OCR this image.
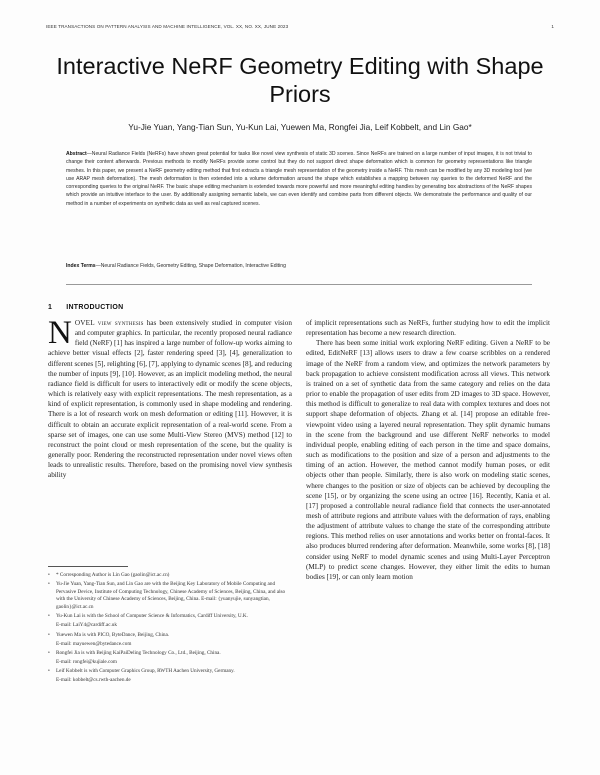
IEEE TRANSACTIONS ON PATTERN ANALYSIS AND MACHINE INTELLIGENCE, VOL. XX, NO. XX, JUNE 2023	1
Interactive NeRF Geometry Editing with Shape Priors
Yu-Jie Yuan, Yang-Tian Sun, Yu-Kun Lai, Yuewen Ma, Rongfei Jia, Leif Kobbelt, and Lin Gao*
Abstract—Neural Radiance Fields (NeRFs) have shown great potential for tasks like novel view synthesis of static 3D scenes. Since NeRFs are trained on a large number of input images, it is not trivial to change their content afterwards. Previous methods to modify NeRFs provide some control but they do not support direct shape deformation which is common for geometry representations like triangle meshes. In this paper, we present a NeRF geometry editing method that first extracts a triangle mesh representation of the geometry inside a NeRF. This mesh can be modified by any 3D modeling tool (we use ARAP mesh deformation). The mesh deformation is then extended into a volume deformation around the shape which establishes a mapping between ray queries to the deformed NeRF and the corresponding queries to the original NeRF. The basic shape editing mechanism is extended towards more powerful and more meaningful editing handles by generating box abstractions of the NeRF shapes which provide an intuitive interface to the user. By additionally assigning semantic labels, we can even identify and combine parts from different objects. We demonstrate the performance and quality of our method in a number of experiments on synthetic data as well as real captured scenes.
Index Terms—Neural Radiance Fields, Geometry Editing, Shape Deformation, Interactive Editing
1 INTRODUCTION

NOVEL view synthesis has been extensively studied in computer vision and computer graphics. In particular, the recently proposed neural radiance field (NeRF) [1] has inspired a large number of follow-up works aiming to achieve better visual effects [2], faster rendering speed [3], [4], generalization to different scenes [5], relighting [6], [7], applying to dynamic scenes [8], and reducing the number of inputs [9], [10]. However, as an implicit modeling method, the neural radiance field is difficult for users to interactively edit or modify the scene objects, which is relatively easy with explicit representations. The mesh representation, as a kind of explicit representation, is commonly used in shape modeling and rendering. There is a lot of research work on mesh deformation or editing [11]. However, it is difficult to obtain an accurate explicit representation of a real-world scene. From a sparse set of images, one can use some Multi-View Stereo (MVS) method [12] to reconstruct the point cloud or mesh representation of the scene, but the quality is generally poor. Rendering the reconstructed representation under novel views often leads to unrealistic results. Therefore, based on the promising novel view synthesis ability

• * Corresponding Author is Lin Gao (gaolin@ict.ac.cn)

• Yu-Jie Yuan, Yang-Tian Sun, and Lin Gao are with the Beijing Key Laboratory of Mobile Computing and Pervasive Device, Institute of Computing Technology, Chinese Academy of Sciences, Beijing, China, and also with the University of Chinese Academy of Sciences, Beijing, China. E-mail: {yuanyujie, sunyangtian, gaolin}@ict.ac.cn

• Yu-Kun Lai is with the School of Computer Science & Informatics, Cardiff University, U.K.

E-mail: LaiY4@cardiff.ac.uk

• Yuewen Ma is with PICO, ByteDance, Beijing, China.

E-mail: mayuewen@bytedance.com

• Rongfei Jia is with Beijing KaiPaiDeling Technology Co., Ltd., Beijing, China.

E-mail: rongfei@kujiale.com

• Leif Kobbelt is with Computer Graphics Group, RWTH Aachen University, Germany.

E-mail: kobbelt@cs.rwth-aachen.de

of implicit representations such as NeRFs, further studying how to edit the implicit representation has become a new research direction.

There has been some initial work exploring NeRF editing. Given a NeRF to be edited, EditNeRF [13] allows users to draw a few coarse scribbles on a rendered image of the NeRF from a random view, and optimizes the network parameters by back propagation to achieve consistent modification across all views. This network is trained on a set of synthetic data from the same category and relies on the data prior to enable the propagation of user edits from 2D images to 3D space. However, this method is difficult to generalize to real data with complex textures and does not support shape deformation of objects. Zhang et al. [14] propose an editable free-viewpoint video using a layered neural representation. They split dynamic humans in the scene from the background and use different NeRF networks to model individual people, enabling editing of each person in the time and space domains, such as modifications to the position and size of a person and adjustments to the timing of an action. However, the method cannot modify human poses, or edit objects other than people. Similarly, there is also work on modeling static scenes, where changes to the position or size of objects can be achieved by decoupling the scene [15], or by organizing the scene using an octree [16]. Recently, Kania et al. [17] proposed a controllable neural radiance field that connects the user-annotated mesh of attribute regions and attribute values with the deformation of rays, enabling the adjustment of attribute values to change the state of the corresponding attribute regions. This method relies on user annotations and works better on frontal-faces. It also produces blurred rendering after deformation. Meanwhile, some works [8], [18] consider using NeRF to model dynamic scenes and using Multi-Layer Perceptron (MLP) to predict scene changes. However, they either limit the edits to human bodies [19], or can only learn motion
